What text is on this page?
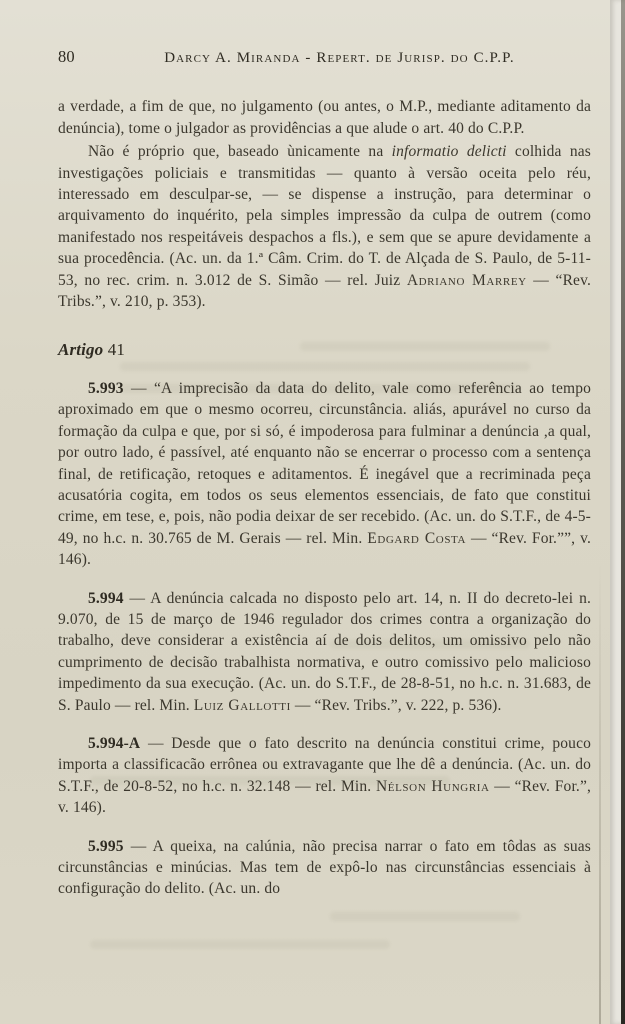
80	Darcy A. Miranda - Repert. de Jurisp. do C.P.P.

a verdade, a fim de que, no julgamento (ou antes, o M.P., mediante aditamento da denúncia), tome o julgador as providências a que alude o art. 40 do C.P.P.

Não é próprio que, baseado ùnicamente na informatio delicti colhida nas investigações policiais e transmitidas — quanto à versão oceita pelo réu, interessado em desculpar-se, — se dispense a instrução, para determinar o arquivamento do inquérito, pela simples impressão da culpa de outrem (como manifestado nos respeitáveis despachos a fls.), e sem que se apure devidamente a sua procedência. (Ac. un. da 1.ª Câm. Crim. do T. de Alçada de S. Paulo, de 5-11-53, no rec. crim. n. 3.012 de S. Simão — rel. Juiz Adriano Marrey — “Rev. Tribs.”, v. 210, p. 353).

Artigo 41

5.993 — “A imprecisão da data do delito, vale como referência ao tempo aproximado em que o mesmo ocorreu, circunstância. aliás, apurável no curso da formação da culpa e que, por si só, é impoderosa para fulminar a denúncia ,a qual, por outro lado, é passível, até enquanto não se encerrar o processo com a sentença final, de retificação, retoques e aditamentos. É inegável que a recriminada peça acusatória cogita, em todos os seus elementos essenciais, de fato que constitui crime, em tese, e, pois, não podia deixar de ser recebido. (Ac. un. do S.T.F., de 4-5-49, no h.c. n. 30.765 de M. Gerais — rel. Min. Edgard Costa — “Rev. For.””, v. 146).

5.994 — A denúncia calcada no disposto pelo art. 14, n. II do decreto-lei n. 9.070, de 15 de março de 1946 regulador dos crimes contra a organização do trabalho, deve considerar a existência aí de dois delitos, um omissivo pelo não cumprimento de decisão trabalhista normativa, e outro comissivo pelo malicioso impedimento da sua execução. (Ac. un. do S.T.F., de 28-8-51, no h.c. n. 31.683, de S. Paulo — rel. Min. Luiz Gallotti — “Rev. Tribs.”, v. 222, p. 536).

5.994-A — Desde que o fato descrito na denúncia constitui crime, pouco importa a classificacão errônea ou extravagante que lhe dê a denúncia. (Ac. un. do S.T.F., de 20-8-52, no h.c. n. 32.148 — rel. Min. Nélson Hungria — “Rev. For.”, v. 146).

5.995 — A queixa, na calúnia, não precisa narrar o fato em tôdas as suas circunstâncias e minúcias. Mas tem de expô-lo nas circunstâncias essenciais à configuração do delito. (Ac. un. do
